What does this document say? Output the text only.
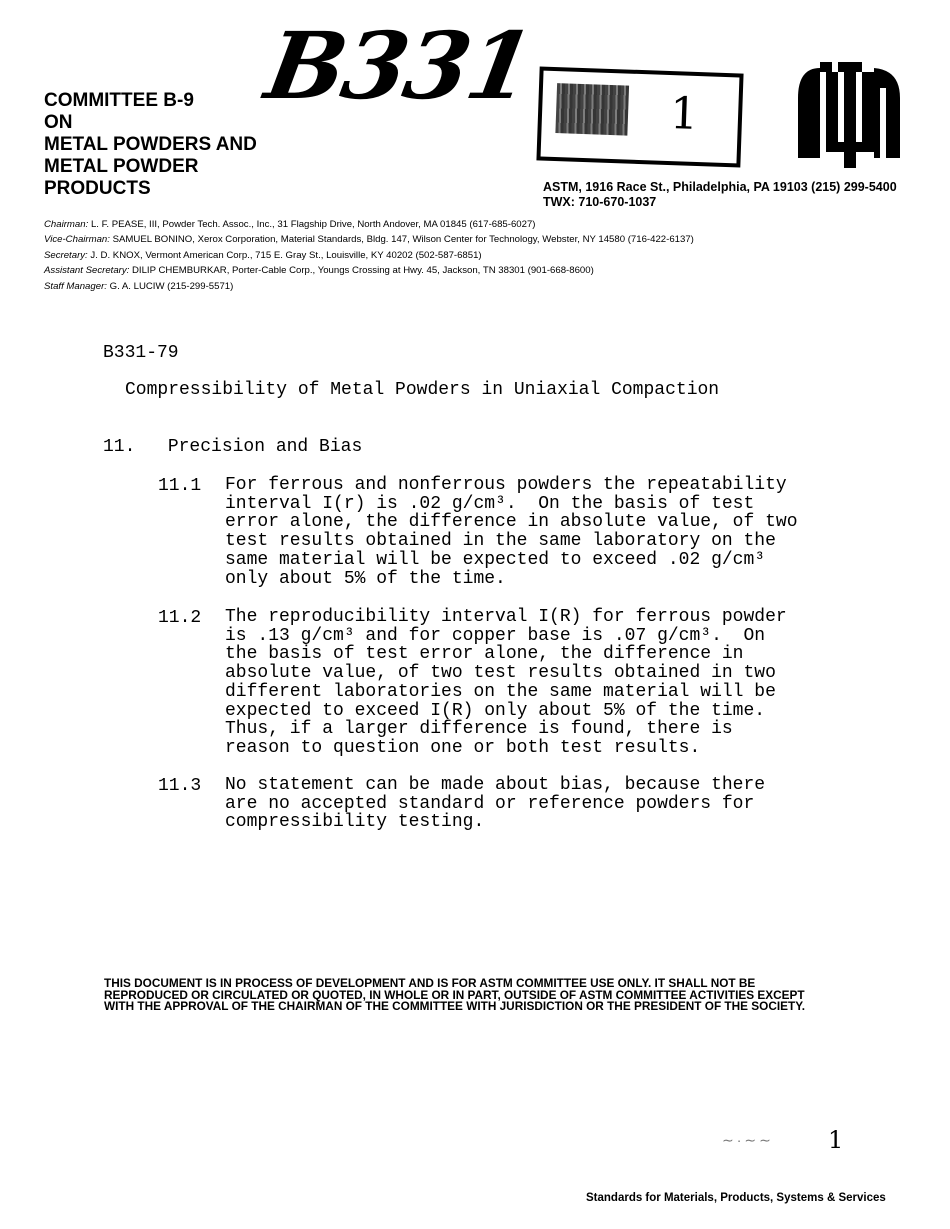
COMMITTEE B-9
ON
METAL POWDERS AND
METAL POWDER
PRODUCTS
B331	1
ASTM, 1916 Race St., Philadelphia, PA 19103 (215) 299-5400
TWX: 710-670-1037
Chairman: L. F. PEASE, III, Powder Tech. Assoc., Inc., 31 Flagship Drive, North Andover, MA 01845 (617-685-6027)
Vice-Chairman: SAMUEL BONINO, Xerox Corporation, Material Standards, Bldg. 147, Wilson Center for Technology, Webster, NY 14580 (716-422-6137)
Secretary: J. D. KNOX, Vermont American Corp., 715 E. Gray St., Louisville, KY 40202 (502-587-6851)
Assistant Secretary: DILIP CHEMBURKAR, Porter-Cable Corp., Youngs Crossing at Hwy. 45, Jackson, TN 38301 (901-668-8600)
Staff Manager: G. A. LUCIW (215-299-5571)
B331-79
Compressibility of Metal Powders in Uniaxial Compaction
11. Precision and Bias
11.1 For ferrous and nonferrous powders the repeatability
interval I(r) is .02 g/cm³.  On the basis of test
error alone, the difference in absolute value, of two
test results obtained in the same laboratory on the
same material will be expected to exceed .02 g/cm³
only about 5% of the time.
11.2 The reproducibility interval I(R) for ferrous powder
is .13 g/cm³ and for copper base is .07 g/cm³.  On
the basis of test error alone, the difference in
absolute value, of two test results obtained in two
different laboratories on the same material will be
expected to exceed I(R) only about 5% of the time.
Thus, if a larger difference is found, there is
reason to question one or both test results.
11.3 No statement can be made about bias, because there
are no accepted standard or reference powders for
compressibility testing.
THIS DOCUMENT IS IN PROCESS OF DEVELOPMENT AND IS FOR ASTM COMMITTEE USE ONLY. IT SHALL NOT BE
REPRODUCED OR CIRCULATED OR QUOTED, IN WHOLE OR IN PART, OUTSIDE OF ASTM COMMITTEE ACTIVITIES EXCEPT
WITH THE APPROVAL OF THE CHAIRMAN OF THE COMMITTEE WITH JURISDICTION OR THE PRESIDENT OF THE SOCIETY.
∼·∼∼ 1
Standards for Materials, Products, Systems & Services
